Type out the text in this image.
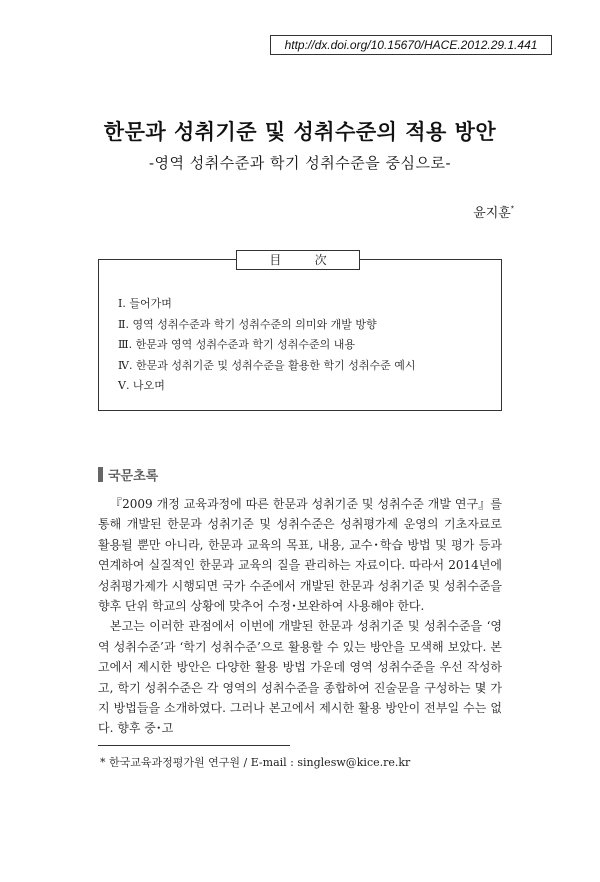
http://dx.doi.org/10.15670/HACE.2012.29.1.441
한문과 성취기준 및 성취수준의 적용 방안
-영역 성취수준과 학기 성취수준을 중심으로-
윤지훈*
目 次
Ⅰ. 들어가며
Ⅱ. 영역 성취수준과 학기 성취수준의 의미와 개발 방향
Ⅲ. 한문과 영역 성취수준과 학기 성취수준의 내용
Ⅳ. 한문과 성취기준 및 성취수준을 활용한 학기 성취수준 예시
Ⅴ. 나오며
국문초록

『2009 개정 교육과정에 따른 한문과 성취기준 및 성취수준 개발 연구』를 통해 개발된 한문과 성취기준 및 성취수준은 성취평가제 운영의 기초자료로 활용될 뿐만 아니라, 한문과 교육의 목표, 내용, 교수･학습 방법 및 평가 등과 연계하여 실질적인 한문과 교육의 질을 관리하는 자료이다. 따라서 2014년에 성취평가제가 시행되면 국가 수준에서 개발된 한문과 성취기준 및 성취수준을 향후 단위 학교의 상황에 맞추어 수정･보완하여 사용해야 한다.

본고는 이러한 관점에서 이번에 개발된 한문과 성취기준 및 성취수준을 ‘영역 성취수준’과 ‘학기 성취수준’으로 활용할 수 있는 방안을 모색해 보았다. 본고에서 제시한 방안은 다양한 활용 방법 가운데 영역 성취수준을 우선 작성하고, 학기 성취수준은 각 영역의 성취수준을 종합하여 진술문을 구성하는 몇 가지 방법들을 소개하였다. 그러나 본고에서 제시한 활용 방안이 전부일 수는 없다. 향후 중･고

* 한국교육과정평가원 연구원 / E-mail : singlesw@kice.re.kr
